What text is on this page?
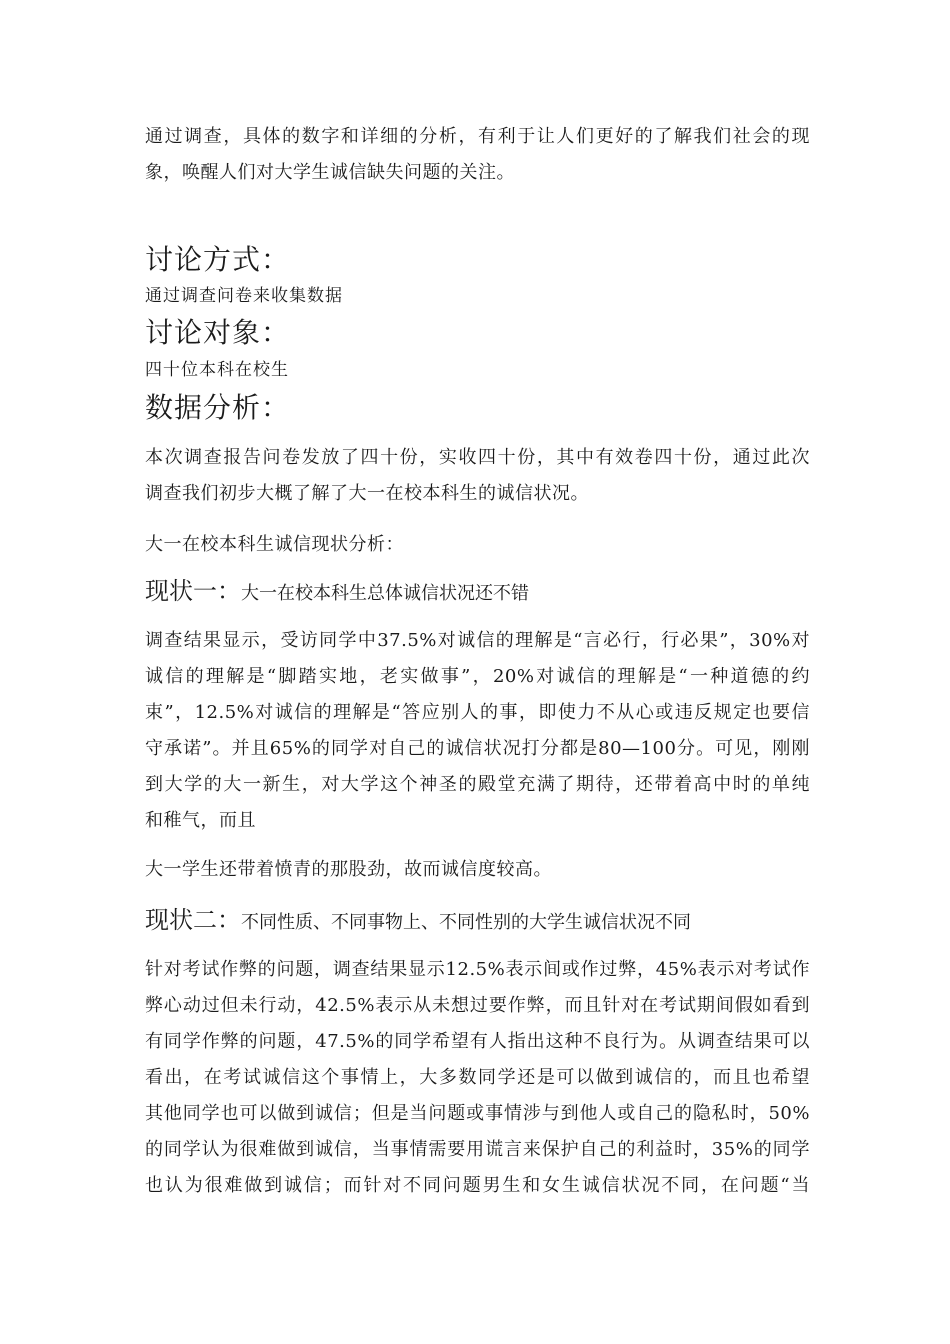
通过调查，具体的数字和详细的分析，有利于让人们更好的了解我们社会的现
象，唤醒人们对大学生诚信缺失问题的关注。

讨论方式：

通过调查问卷来收集数据

讨论对象：

四十位本科在校生

数据分析：

本次调查报告问卷发放了四十份，实收四十份，其中有效卷四十份，通过此次
调查我们初步大概了解了大一在校本科生的诚信状况。

大一在校本科生诚信现状分析：

现状一：大一在校本科生总体诚信状况还不错

调查结果显示，受访同学中37.5%对诚信的理解是“言必行，行必果”，30%对
诚信的理解是“脚踏实地，老实做事”，20%对诚信的理解是“一种道德的约
束”，12.5%对诚信的理解是“答应别人的事，即使力不从心或违反规定也要信
守承诺”。并且65%的同学对自己的诚信状况打分都是80—100分。可见，刚刚
到大学的大一新生，对大学这个神圣的殿堂充满了期待，还带着高中时的单纯
和稚气，而且

大一学生还带着愤青的那股劲，故而诚信度较高。

现状二：不同性质、不同事物上、不同性别的大学生诚信状况不同

针对考试作弊的问题，调查结果显示12.5%表示间或作过弊，45%表示对考试作
弊心动过但未行动，42.5%表示从未想过要作弊，而且针对在考试期间假如看到
有同学作弊的问题，47.5%的同学希望有人指出这种不良行为。从调查结果可以
看出，在考试诚信这个事情上，大多数同学还是可以做到诚信的，而且也希望
其他同学也可以做到诚信；但是当问题或事情涉与到他人或自己的隐私时，50%
的同学认为很难做到诚信，当事情需要用谎言来保护自己的利益时，35%的同学
也认为很难做到诚信；而针对不同问题男生和女生诚信状况不同，在问题“当
